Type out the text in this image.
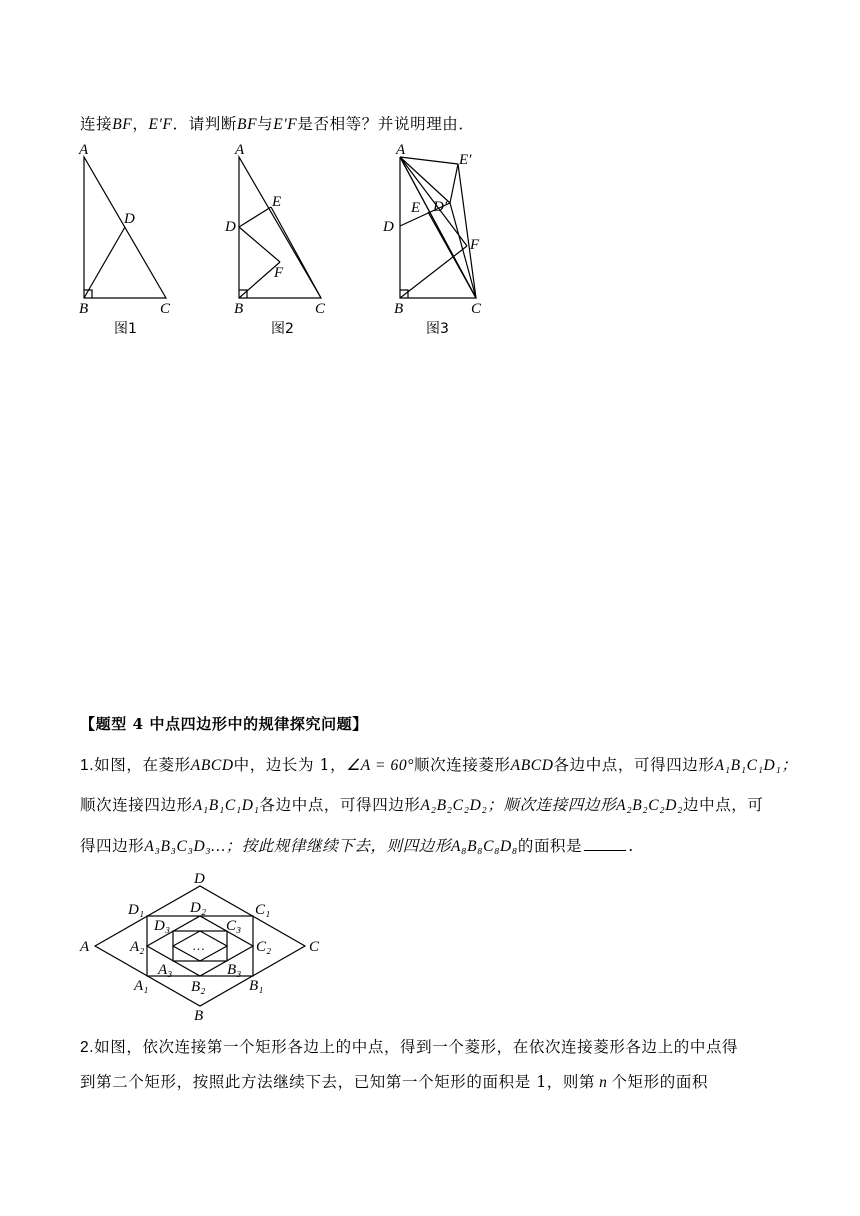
连接BF，E′F．请判断BF与E′F是否相等？并说明理由．
A
B	C
D
图1
A
D
E
F
B	C
图2
A
E′
E D′
D
F
B	C
图3
A
D
C
B
D₁	C₁
A₁	B₁
D₂
A₂	C₂
B₂
D₃	C₃
A₃	B₃
…
【题型 4 中点四边形中的规律探究问题】
1.如图，在菱形ABCD中，边长为 1，∠A = 60°顺次连接菱形ABCD各边中点，可得四边形A₁B₁C₁D₁；
顺次连接四边形A₁B₁C₁D₁各边中点，可得四边形A₂B₂C₂D₂；顺次连接四边形A₂B₂C₂D₂边中点，可
得四边形A₃B₃C₃D₃…；按此规律继续下去，则四边形A₈B₈C₈D₈的面积是	.
2.如图，依次连接第一个矩形各边上的中点，得到一个菱形，在依次连接菱形各边上的中点得
到第二个矩形，按照此方法继续下去，已知第一个矩形的面积是 1，则第 n 个矩形的面积
